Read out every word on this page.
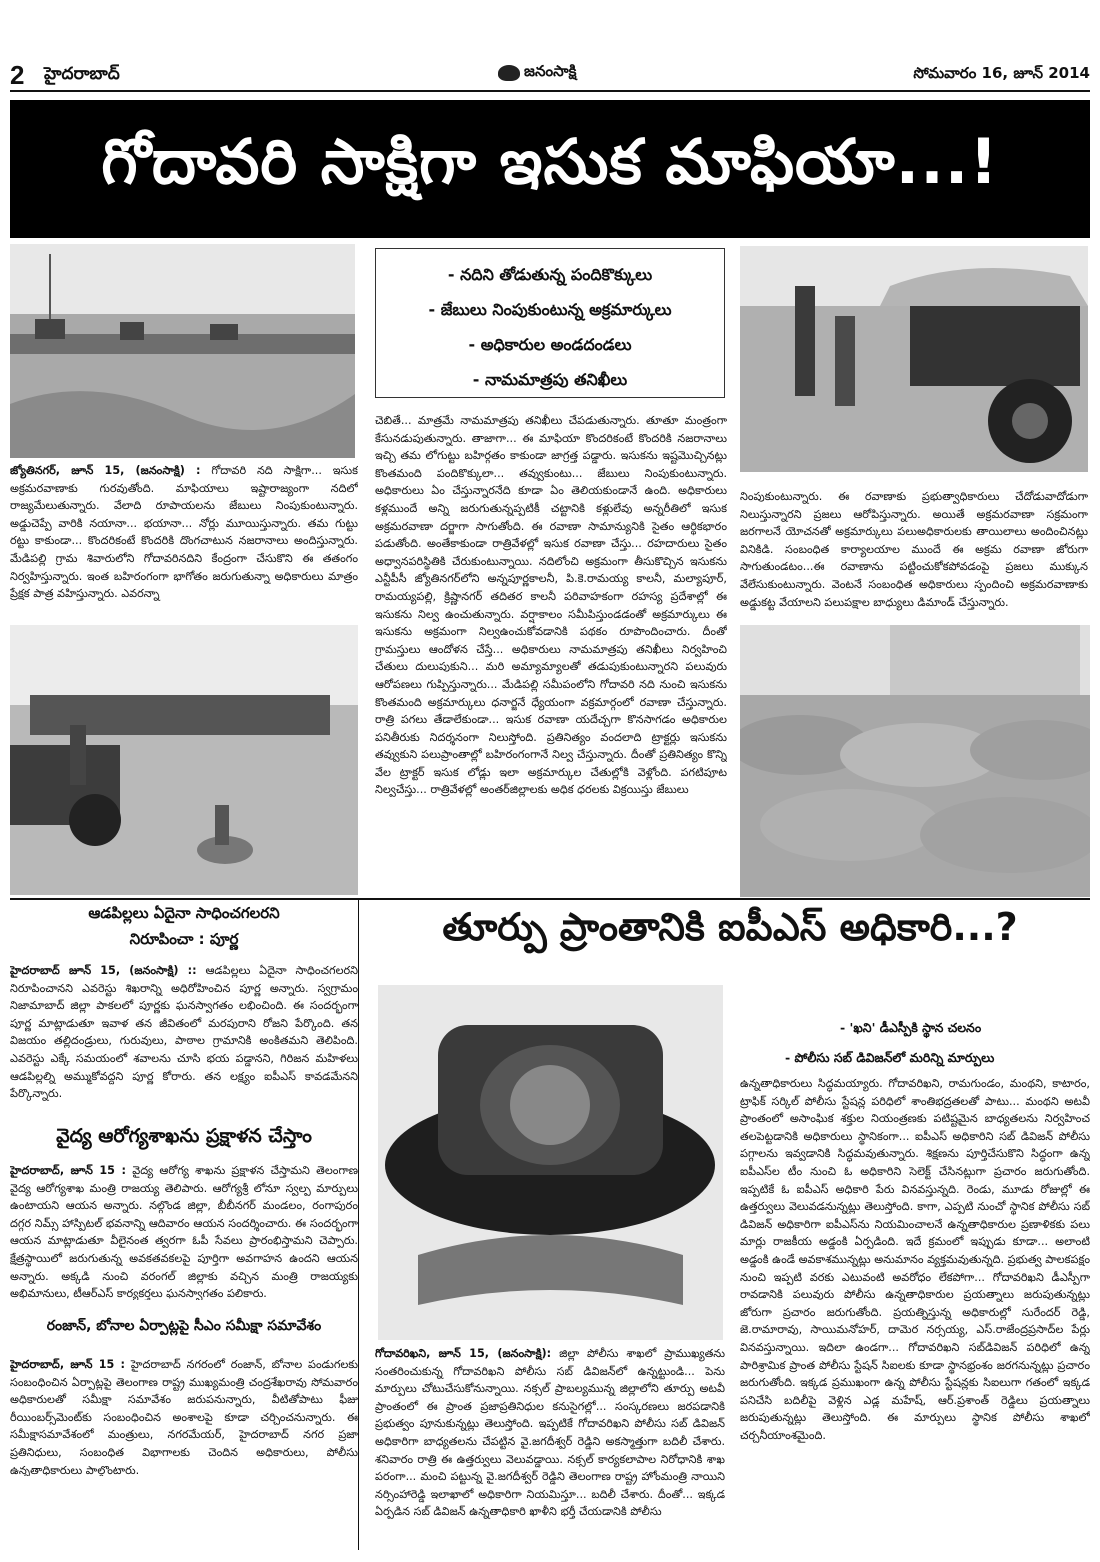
2 హైదరాబాద్	జనంసాక్షి	సోమవారం 16, జూన్ 2014
గోదావరి సాక్షిగా ఇసుక మాఫియా...!
- నదిని తోడుతున్న పందికొక్కులు
- జేబులు నింపుకుంటున్న అక్రమార్కులు
- అధికారుల అండదండలు
- నామమాత్రపు తనిఖీలు
జ్యోతినగర్, జూన్ 15, (జనంసాక్షి) : గోదావరి నది సాక్షిగా... ఇసుక అక్రమరవాణాకు గురవుతోంది. మాఫియాలు ఇష్టారాజ్యంగా నదిలో రాజ్యమేలుతున్నారు. వేలాది రూపాయలను జేబులు నింపుకుంటున్నారు. అడ్డుచెప్పే వారికి నయానా... భయానా... నోర్లు మూయిస్తున్నారు. తమ గుట్టు రట్టు కాకుండా... కొందరికంటే కొందరికి దొంగచాటున నజరానాలు అందిస్తున్నారు. మేడిపల్లి గ్రామ శివారులోని గోదావరినదిని కేంద్రంగా చేసుకొని ఈ తతంగం నిర్వహిస్తున్నారు. ఇంత బహిరంగంగా భాగోతం జరుగుతున్నా అధికారులు మాత్రం ప్రేక్షక పాత్ర వహిస్తున్నారు. ఎవరన్నా
చెబితే... మాత్రమే నామమాత్రపు తనిఖీలు చేపడుతున్నారు. తూతూ మంత్రంగా కేసునడుపుతున్నారు. తాజాగా... ఈ మాఫియా కొందరికంటే కొందరికి నజరానాలు ఇచ్చి తమ లోగుట్టు బహిర్గతం కాకుండా జాగ్రత్త పడ్డారు. ఇసుకను ఇష్టమొచ్చినట్లు కొంతమంది పందికొక్కులా... తవ్వుకుంటు... జేబులు నింపుకుంటున్నారు. అధికారులు ఏం చేస్తున్నారనేది కూడా ఏం తెలియకుండానే ఉంది. అధికారులు కళ్లముందే అన్ని జరుగుతున్నప్పటికీ చట్టానికి కళ్లులేవు అన్నరీతిలో ఇసుక అక్రమరవాణా దర్జాగా సాగుతోంది. ఈ రవాణా సామాన్యునికి సైతం ఆర్థికభారం పడుతోంది. అంతేకాకుండా రాత్రివేళల్లో ఇసుక రవాణా చేస్తు... రహదారులు సైతం అధ్వానపరిస్థితికి చేరుకుంటున్నాయి. నదిలోంచి అక్రమంగా తీసుకొచ్చిన ఇసుకను ఎన్టీపీసీ జ్యోతినగర్‌లోని అన్నపూర్ణకాలనీ, పి.కె.రామయ్య కాలనీ, మల్యాపూర్, రామయ్యపల్లి, క్రిష్ణానగర్ తదితర కాలనీ పరివాహకంగా రహస్య ప్రదేశాల్లో ఈ ఇసుకను నిల్వ ఉంచుతున్నారు. వర్షాకాలం సమీపిస్తుండడంతో అక్రమార్కులు ఈ ఇసుకను అక్రమంగా నిల్వఉంచుకోవడానికి పథకం రూపొందించారు. దీంతో గ్రామస్తులు ఆందోళన చేస్తే... అధికారులు నామమాత్రపు తనిఖీలు నిర్వహించి చేతులు దులుపుకుని... మరి అమ్యామ్యాలతో తడుపుకుంటున్నారని పలువురు ఆరోపణలు గుప్పిస్తున్నారు... మేడిపల్లి సమీపంలోని గోదావరి నది నుంచి ఇసుకను కొంతమంది అక్రమార్కులు ధనార్జనే ధ్యేయంగా వక్రమార్గంలో రవాణా చేస్తున్నారు. రాత్రి పగలు తేడాలేకుండా... ఇసుక రవాణా యదేచ్చగా కొనసాగడం అధికారుల పనితీరుకు నిదర్శనంగా నిలుస్తోంది. ప్రతినిత్యం వందలాది ట్రాక్టర్లు ఇసుకను తవ్వుకుని పలుప్రాంతాల్లో బహిరంగంగానే నిల్వ చేస్తున్నారు. దీంతో ప్రతినిత్యం కొన్ని వేల ట్రాక్టర్ ఇసుక లోడ్లు ఇలా అక్రమార్కుల చేతుల్లోకి వెళ్లోంది. పగటిపూట నిల్వచేస్తు... రాత్రివేళల్లో అంతర్‌జిల్లాలకు అధిక ధరలకు విక్రయిస్తు జేబులు
నింపుకుంటున్నారు. ఈ రవాణాకు ప్రభుత్వాధికారులు చేదోడువాదోడుగా నిలుస్తున్నారని ప్రజలు ఆరోపిస్తున్నారు. అయితే అక్రమరవాణా సక్రమంగా జరగాలనే యోచనతో అక్రమార్కులు పలుఅధికారులకు తాయిలాలు అందించినట్లు వినికిడి. సంబంధిత కార్యాలయాల ముందే ఈ అక్రమ రవాణా జోరుగా సాగుతుండటం...ఈ రవాణాను పట్టించుకోకపోవడంపై ప్రజలు ముక్కున వేలేసుకుంటున్నారు. వెంటనే సంబంధిత అధికారులు స్పందించి అక్రమరవాణాకు అడ్డుకట్ట వేయాలని పలుపక్షాల బాధ్యులు డిమాండ్ చేస్తున్నారు.
ఆడపిల్లలు ఏదైనా సాధించగలరని
నిరూపించా : పూర్ణ
హైదరాబాద్ జూన్ 15, (జనంసాక్షి) :: ఆడపిల్లలు ఏదైనా సాధించగలరని నిరూపించానని ఎవరెస్టు శిఖరాన్ని అధిరోహించిన పూర్ణ అన్నారు. స్వగ్రామం నిజామాబాద్ జిల్లా పాకలలో పూర్ణకు ఘనస్వాగతం లభించింది. ఈ సందర్భంగా పూర్ణ మాట్లాడుతూ ఇవాళ తన జీవితంలో మరపురాని రోజని పేర్కొంది. తన విజయం తల్లిదండ్రులు, గురువులు, పాఠాల గ్రామానికి అంకితమని తెలిపింది. ఎవరెస్టు ఎక్కే సమయంలో శవాలను చూసి భయ పడ్డానని, గిరిజన మహిళలు ఆడపిల్లల్ని అమ్ముకోవద్దని పూర్ణ కోరారు. తన లక్ష్యం ఐపీఎస్ కావడమేనని పేర్కొన్నారు.
వైద్య ఆరోగ్యశాఖను ప్రక్షాళన చేస్తాం
హైదరాబాద్, జూన్ 15 : వైద్య ఆరోగ్య శాఖను ప్రక్షాళన చేస్తామని తెలంగాణ వైద్య ఆరోగ్యశాఖ మంత్రి రాజయ్య తెలిపారు. ఆరోగ్యశ్రీ లోనూ స్వల్ప మార్పులు ఉంటాయని ఆయన అన్నారు. నల్గొండ జిల్లా, బీబీనగర్ మండలం, రంగాపురం దగ్గర నిమ్స్ హాస్పిటల్ భవనాన్ని ఆదివారం ఆయన సందర్శించారు. ఈ సందర్భంగా ఆయన మాట్లాడుతూ వీలైనంత త్వరగా ఓపీ సేవలు ప్రారంభిస్తామని చెప్పారు. క్షేత్రస్థాయిలో జరుగుతున్న అవకతవకలపై పూర్తిగా అవగాహన ఉందని ఆయన అన్నారు. అక్కడి నుంచి వరంగల్ జిల్లాకు వచ్చిన మంత్రి రాజయ్యకు అభిమానులు, టీఆర్‌ఎస్ కార్యకర్తలు ఘనస్వాగతం పలికారు.
రంజాన్, బోనాల ఏర్పాట్లపై సీఎం సమీక్షా సమావేశం
హైదరాబాద్, జూన్ 15 : హైదరాబాద్ నగరంలో రంజాన్, బోనాల పండుగలకు సంబంధించిన ఏర్పాట్లపై తెలంగాణ రాష్ట్ర ముఖ్యమంత్రి చంద్రశేఖరావు సోమవారం అధికారులతో సమీక్షా సమావేశం జరుపనున్నారు, వీటితోపాటు ఫీజు రీయింబర్స్‌మెంట్‌కు సంబంధించిన అంశాలపై కూడా చర్చించనున్నారు. ఈ సమీక్షాసమావేశంలో మంత్రులు, నగరమేయర్, హైదరాబాద్ నగర ప్రజా ప్రతినిధులు, సంబంధిత విభాగాలకు చెందిన అధికారులు, పోలీసు ఉన్నతాధికారులు పాల్గొంటారు.
తూర్పు ప్రాంతానికి ఐపీఎస్ అధికారి...?
- 'ఖని' డీఎస్పీకి స్థాన చలనం
- పోలీసు సబ్ డివిజన్‌లో మరిన్ని మార్పులు
గోదావరిఖని, జూన్ 15, (జనంసాక్షి): జిల్లా పోలీసు శాఖలో ప్రాముఖ్యతను సంతరించుకున్న గోదావరిఖని పోలీసు సబ్ డివిజన్‌లో ఉన్నట్టుండి... పెను మార్పులు చోటుచేసుకోనున్నాయి. నక్సల్ ప్రాబల్యమున్న జిల్లాలోని తూర్పు అటవీ ప్రాంతంలో ఈ ప్రాంత ప్రజాప్రతినిధుల కనుసైగల్లో... సంస్కరణలు జరపడానికి ప్రభుత్వం పూనుకున్నట్లు తెలుస్తోంది. ఇప్పటికే గోదావరిఖని పోలీసు సబ్ డివిజన్ అధికారిగా బాధ్యతలను చేపట్టిన వై.జగదీశ్వర్ రెడ్డిని అకస్మాత్తుగా బదిలీ చేశారు. శనివారం రాత్రి ఈ ఉత్తర్వులు వెలువడ్డాయి. నక్సల్ కార్యకలాపాల నిరోధానికి శాఖ పరంగా... మంచి పట్టున్న వై.జగదీశ్వర్ రెడ్డిని తెలంగాణ రాష్ట్ర హోంమంత్రి నాయిని నర్సింహారెడ్డి ఇలాఖాలో అధికారిగా నియమిస్తూ... బదిలీ చేశారు. దీంతో... ఇక్కడ ఏర్పడిన సబ్ డివిజన్ ఉన్నతాధికారి ఖాళీని భర్తీ చేయడానికి పోలీసు
ఉన్నతాధికారులు సిద్ధమయ్యారు. గోదావరిఖని, రామగుండం, మంథని, కాటారం, ట్రాఫిక్ సర్కిల్ పోలీసు స్టేషన్ల పరిధిలో శాంతిభద్రతలతో పాటు... మంథని అటవీ ప్రాంతంలో అసాంఘిక శక్తుల నియంత్రణకు పటిష్టమైన బాధ్యతలను నిర్వహించ తలపెట్టడానికి అధికారులు స్థానికంగా... ఐపీఎస్ అధికారిని సబ్ డివిజన్ పోలీసు పగ్గాలను ఇవ్వడానికి సిద్ధమవుతున్నారు. శిక్షణను పూర్తిచేసుకొని సిద్ధంగా ఉన్న ఐపీఎస్‌ల టీం నుంచి ఓ అధికారిని సెలెక్ట్ చేసినట్లుగా ప్రచారం జరుగుతోంది. ఇప్పటికే ఓ ఐపీఎస్ అధికారి పేరు వినవస్తున్నది. రెండు, మూడు రోజుల్లో ఈ ఉత్తర్వులు వెలువడనున్నట్లు తెలుస్తోంది. కాగా, ఎప్పటి నుంచో స్థానిక పోలీసు సబ్ డివిజన్ అధికారిగా ఐపీఎస్‌ను నియమించాలనే ఉన్నతాధికారుల ప్రణాళికకు పలు మార్లు రాజకీయ అడ్డంకి ఏర్పడింది. ఇదే క్రమంలో ఇప్పుడు కూడా... అలాంటి అడ్డంకి ఉండే అవకాశమున్నట్లు అనుమానం వ్యక్తమవుతున్నది. ప్రభుత్వ పాలకపక్షం నుంచి ఇప్పటి వరకు ఎటువంటి అవరోధం లేకపోగా... గోదావరిఖని డీఎస్పీగా రావడానికి పలువురు పోలీసు ఉన్నతాధికారుల ప్రయత్నాలు జరుపుతున్నట్లు జోరుగా ప్రచారం జరుగుతోంది. ప్రయత్నిస్తున్న అధికారుల్లో సురేందర్ రెడ్డి, జె.రామారావు, సాయిమనోహర్, దామెర నర్సయ్య, ఎస్.రాజేంద్రప్రసాద్‌ల పేర్లు వినవస్తున్నాయి. ఇదిలా ఉండగా... గోదావరిఖని సబ్‌డివిజన్ పరిధిలో ఉన్న పారిశ్రామిక ప్రాంత పోలీసు స్టేషన్ సిఐలకు కూడా స్థానభ్రంశం జరగనున్నట్లు ప్రచారం జరుగుతోంది. ఇక్కడ ప్రముఖంగా ఉన్న పోలీసు స్టేషన్లకు సిఐలుగా గతంలో ఇక్కడ పనిచేసి బదిలీపై వెళ్లిన ఎడ్ల మహేష్, ఆర్.ప్రశాంత్ రెడ్డిలు ప్రయత్నాలు జరుపుతున్నట్లు తెలుస్తోంది. ఈ మార్పులు స్థానిక పోలీసు శాఖలో చర్చనీయాంశమైంది.
